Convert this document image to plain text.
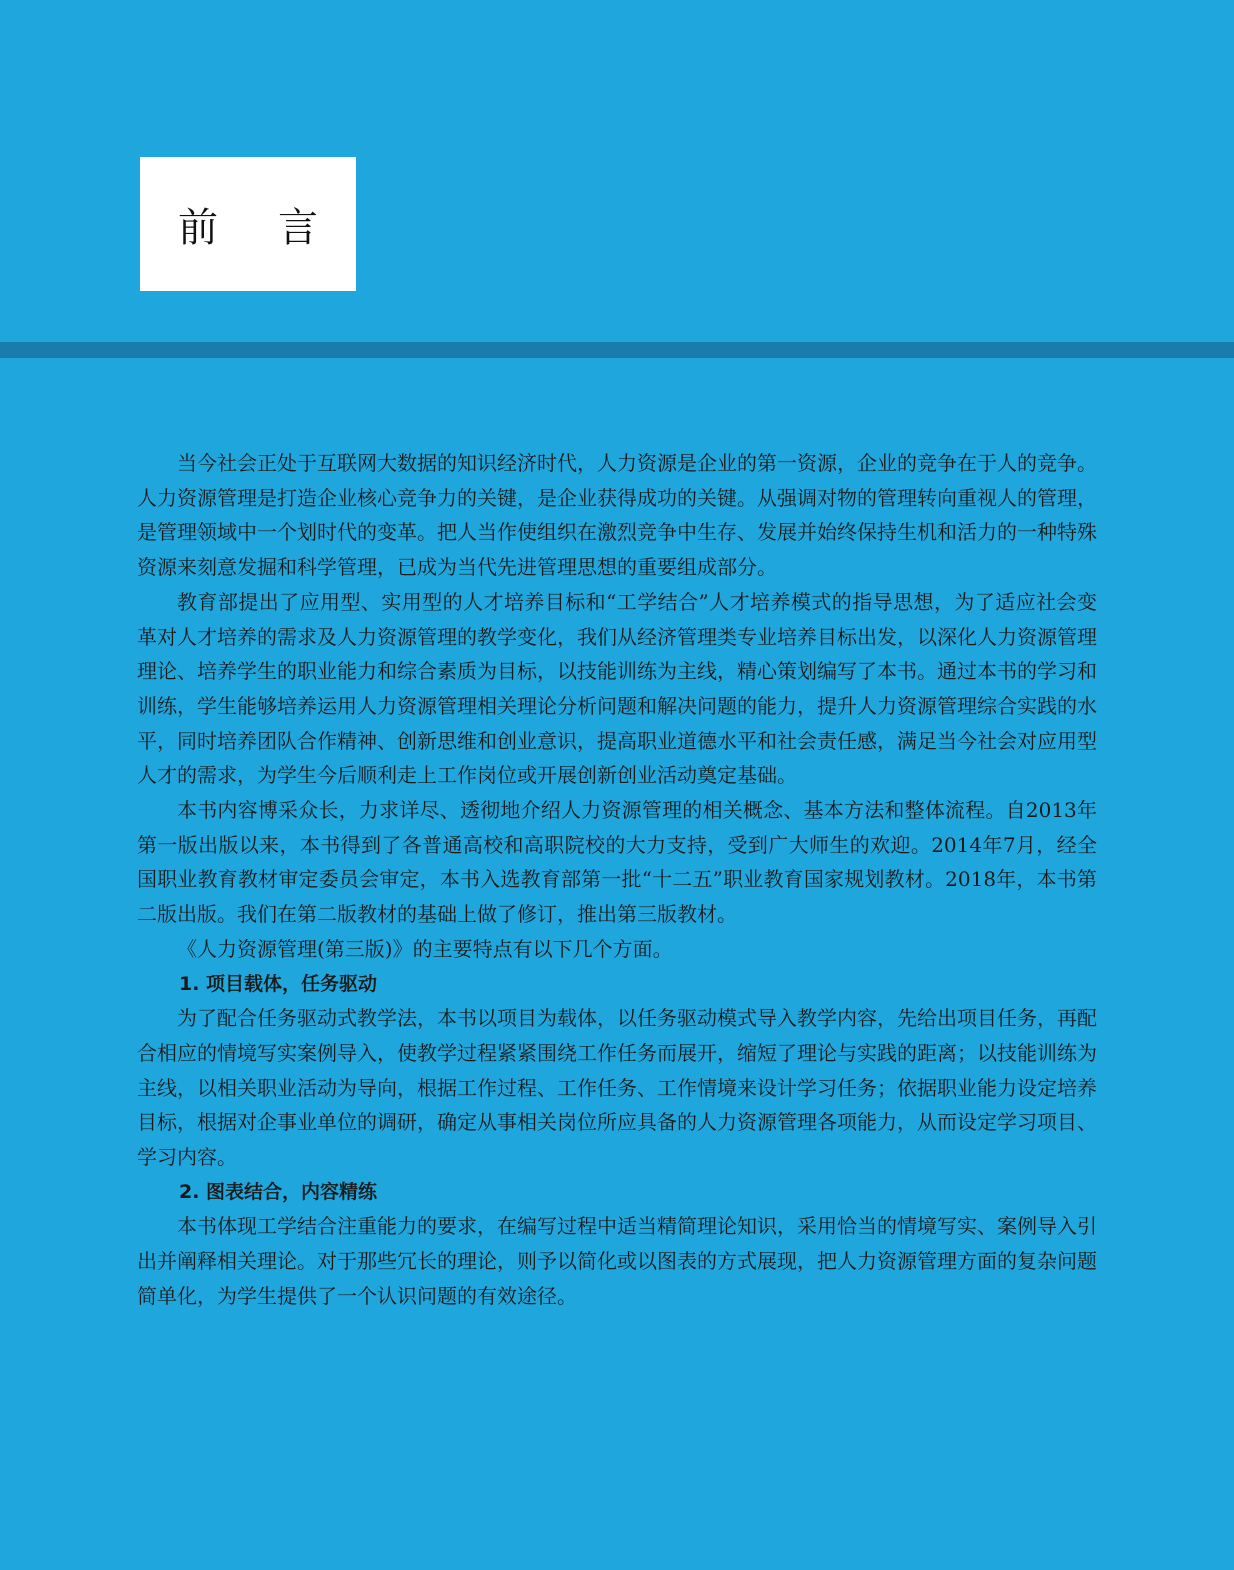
前言

当今社会正处于互联网大数据的知识经济时代，人力资源是企业的第一资源，企业的竞争在于人的竞争。人力资源管理是打造企业核心竞争力的关键，是企业获得成功的关键。从强调对物的管理转向重视人的管理，是管理领域中一个划时代的变革。把人当作使组织在激烈竞争中生存、发展并始终保持生机和活力的一种特殊资源来刻意发掘和科学管理，已成为当代先进管理思想的重要组成部分。

教育部提出了应用型、实用型的人才培养目标和“工学结合”人才培养模式的指导思想，为了适应社会变革对人才培养的需求及人力资源管理的教学变化，我们从经济管理类专业培养目标出发，以深化人力资源管理理论、培养学生的职业能力和综合素质为目标，以技能训练为主线，精心策划编写了本书。通过本书的学习和训练，学生能够培养运用人力资源管理相关理论分析问题和解决问题的能力，提升人力资源管理综合实践的水平，同时培养团队合作精神、创新思维和创业意识，提高职业道德水平和社会责任感，满足当今社会对应用型人才的需求，为学生今后顺利走上工作岗位或开展创新创业活动奠定基础。

本书内容博采众长，力求详尽、透彻地介绍人力资源管理的相关概念、基本方法和整体流程。自2013年第一版出版以来，本书得到了各普通高校和高职院校的大力支持，受到广大师生的欢迎。2014年7月，经全国职业教育教材审定委员会审定，本书入选教育部第一批“十二五”职业教育国家规划教材。2018年，本书第二版出版。我们在第二版教材的基础上做了修订，推出第三版教材。

《人力资源管理(第三版)》的主要特点有以下几个方面。

1. 项目载体，任务驱动

为了配合任务驱动式教学法，本书以项目为载体，以任务驱动模式导入教学内容，先给出项目任务，再配合相应的情境写实案例导入，使教学过程紧紧围绕工作任务而展开，缩短了理论与实践的距离；以技能训练为主线，以相关职业活动为导向，根据工作过程、工作任务、工作情境来设计学习任务；依据职业能力设定培养目标，根据对企事业单位的调研，确定从事相关岗位所应具备的人力资源管理各项能力，从而设定学习项目、学习内容。

2. 图表结合，内容精练

本书体现工学结合注重能力的要求，在编写过程中适当精简理论知识，采用恰当的情境写实、案例导入引出并阐释相关理论。对于那些冗长的理论，则予以简化或以图表的方式展现，把人力资源管理方面的复杂问题简单化，为学生提供了一个认识问题的有效途径。
